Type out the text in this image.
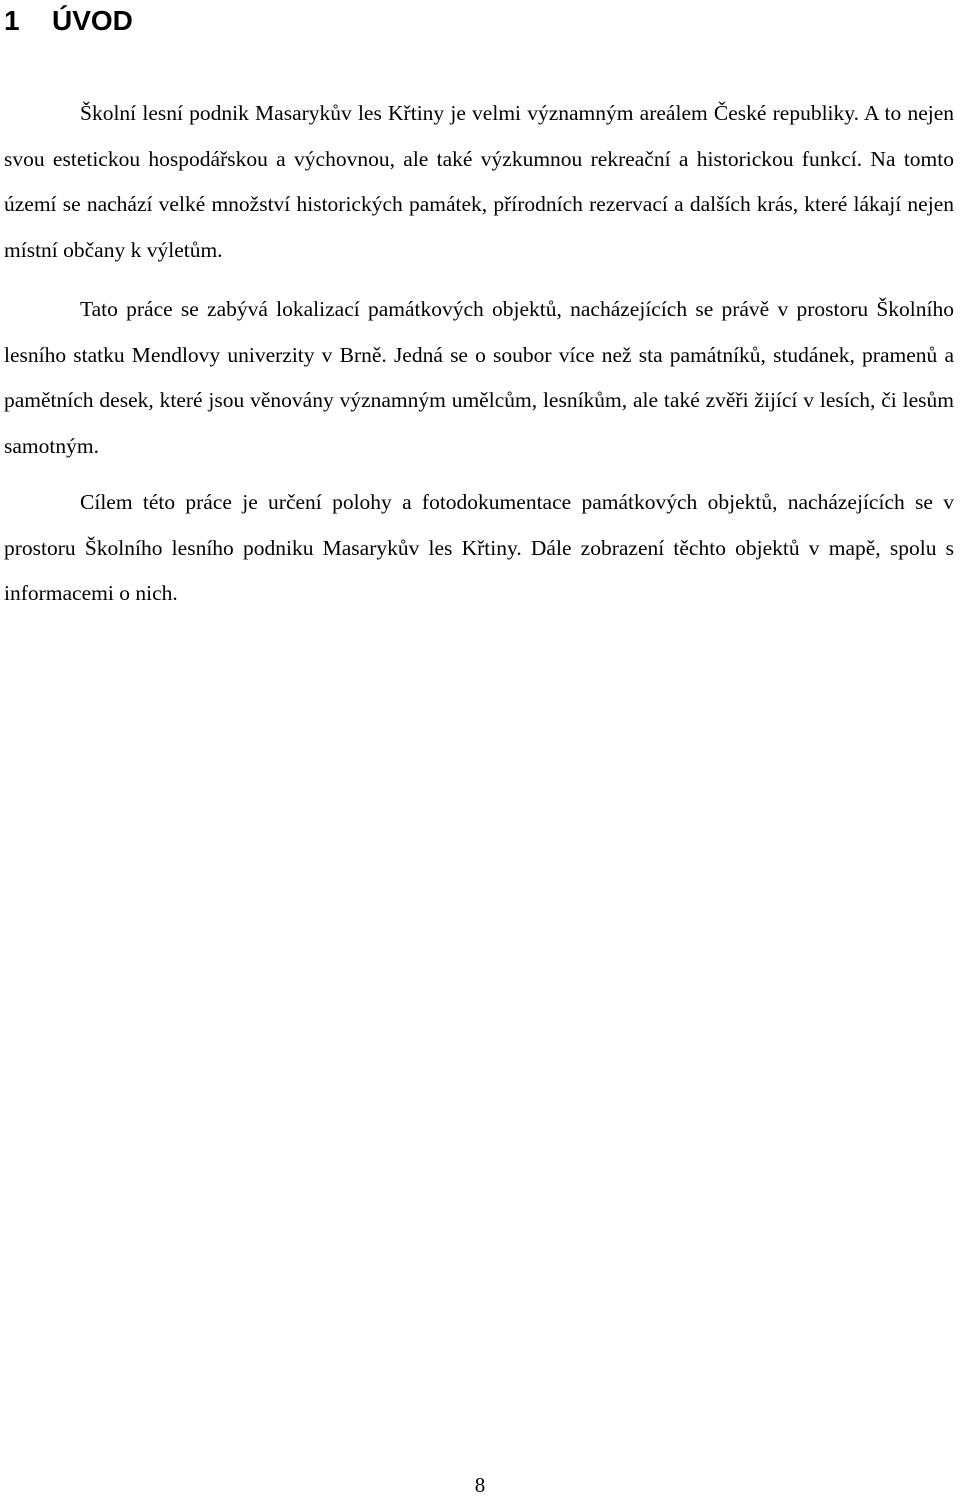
1 ÚVOD

Školní lesní podnik Masarykův les Křtiny je velmi významným areálem České republiky. A to nejen svou estetickou hospodářskou a výchovnou, ale také výzkumnou rekreační a historickou funkcí. Na tomto území se nachází velké množství historických památek, přírodních rezervací a dalších krás, které lákají nejen místní občany k výletům.

Tato práce se zabývá lokalizací památkových objektů, nacházejících se právě v prostoru Školního lesního statku Mendlovy univerzity v Brně. Jedná se o soubor více než sta památníků, studánek, pramenů a pamětních desek, které jsou věnovány významným umělcům, lesníkům, ale také zvěři žijící v lesích, či lesům samotným.

Cílem této práce je určení polohy a fotodokumentace památkových objektů, nacházejících se v prostoru Školního lesního podniku Masarykův les Křtiny. Dále zobrazení těchto objektů v mapě, spolu s informacemi o nich.

8
